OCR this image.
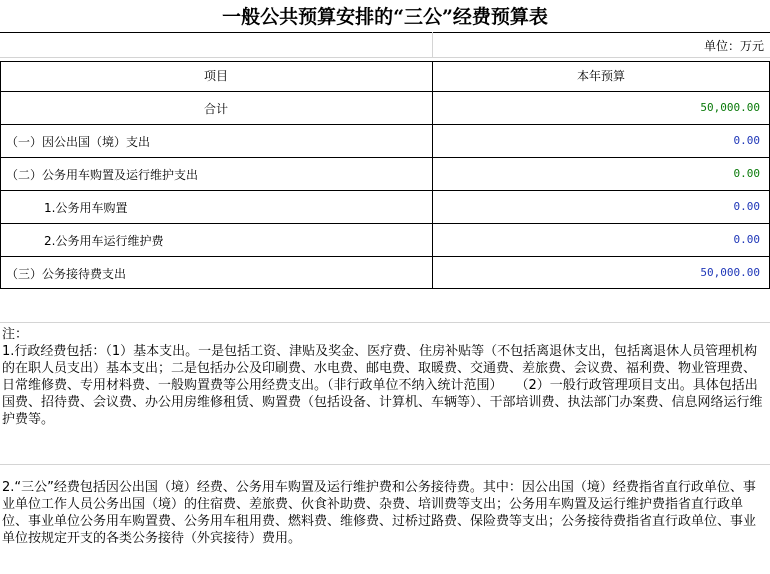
一般公共预算安排的“三公”经费预算表
单位：万元
项目	本年预算
合计	50,000.00
（一）因公出国（境）支出	0.00
（二）公务用车购置及运行维护支出	0.00
1.公务用车购置	0.00
2.公务用车运行维护费	0.00
（三）公务接待费支出	50,000.00
注：
1.行政经费包括：（1）基本支出。一是包括工资、津贴及奖金、医疗费、住房补贴等（不包括离退休支出，包括离退休人员管理机构的在职人员支出）基本支出；二是包括办公及印刷费、水电费、邮电费、取暖费、交通费、差旅费、会议费、福利费、物业管理费、日常维修费、专用材料费、一般购置费等公用经费支出。（非行政单位不纳入统计范围）　　（2）一般行政管理项目支出。具体包括出国费、招待费、会议费、办公用房维修租赁、购置费（包括设备、计算机、车辆等）、干部培训费、执法部门办案费、信息网络运行维护费等。
2.“三公”经费包括因公出国（境）经费、公务用车购置及运行维护费和公务接待费。其中：因公出国（境）经费指省直行政单位、事业单位工作人员公务出国（境）的住宿费、差旅费、伙食补助费、杂费、培训费等支出；公务用车购置及运行维护费指省直行政单位、事业单位公务用车购置费、公务用车租用费、燃料费、维修费、过桥过路费、保险费等支出；公务接待费指省直行政单位、事业单位按规定开支的各类公务接待（外宾接待）费用。
